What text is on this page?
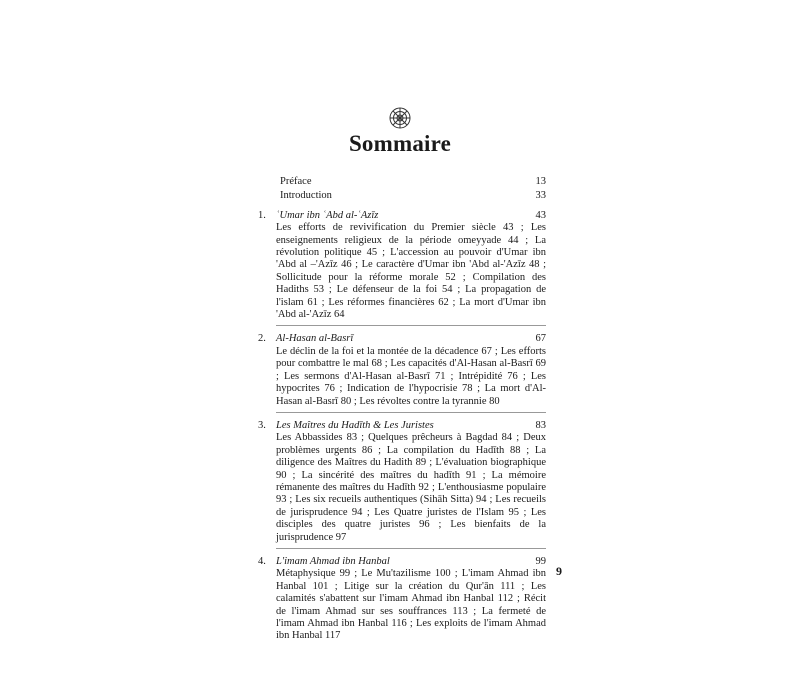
Sommaire
Préface	13
Introduction	33
1. ʿUmar ibn ʿAbd al-ʿAzīz	43
Les efforts de revivification du Premier siècle 43 ; Les enseignements religieux de la période omeyyade 44 ; La révolution politique 45 ; L'accession au pouvoir d'Umar ibn 'Abd al –'Azīz 46 ; Le caractère d'Umar ibn 'Abd al-'Azīz 48 ; Sollicitude pour la réforme morale 52 ; Compilation des Hadiths 53 ; Le défenseur de la foi 54 ; La propagation de l'islam 61 ; Les réformes financières 62 ; La mort d'Umar ibn 'Abd al-'Azīz 64
2. Al-Hasan al-Basrī	67
Le déclin de la foi et la montée de la décadence 67 ; Les efforts pour combattre le mal 68 ; Les capacités d'Al-Hasan al-Basrī 69 ; Les sermons d'Al-Hasan al-Basrī 71 ; Intrépidité 76 ; Les hypocrites 76 ; Indication de l'hypocrisie 78 ; La mort d'Al-Hasan al-Basrī 80 ; Les révoltes contre la tyrannie 80
3. Les Maîtres du Hadīth & Les Juristes	83
Les Abbassides 83 ; Quelques prêcheurs à Bagdad 84 ; Deux problèmes urgents 86 ; La compilation du Hadīth 88 ; La diligence des Maîtres du Hadith 89 ; L'évaluation biographique 90 ; La sincérité des maîtres du hadīth 91 ; La mémoire rémanente des maîtres du Hadīth 92 ; L'enthousiasme populaire 93 ; Les six recueils authentiques (Sihāh Sitta) 94 ; Les recueils de jurisprudence 94 ; Les Quatre juristes de l'Islam 95 ; Les disciples des quatre juristes 96 ; Les bienfaits de la jurisprudence 97
4. L'imam Ahmad ibn Hanbal	99
Métaphysique 99 ; Le Mu'tazilisme 100 ; L'imam Ahmad ibn Hanbal 101 ; Litige sur la création du Qur'ān 111 ; Les calamités s'abattent sur l'imam Ahmad ibn Hanbal 112 ; Récit de l'imam Ahmad sur ses souffrances 113 ; La fermeté de l'imam Ahmad ibn Hanbal 116 ; Les exploits de l'imam Ahmad ibn Hanbal 117
9
